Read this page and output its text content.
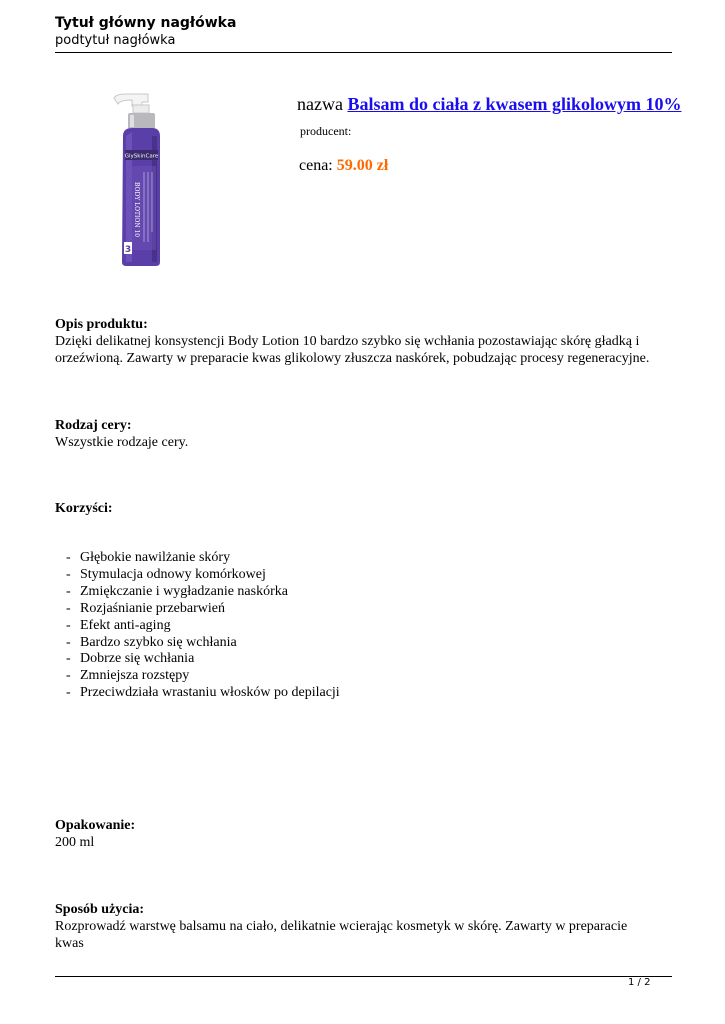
Tytuł główny nagłówka
podtytuł nagłówka
GlySkinCare
BODY LOTION 10
3
nazwa Balsam do ciała z kwasem glikolowym 10%
producent:
cena: 59.00 zł
Opis produktu:
Dzięki delikatnej konsystencji Body Lotion 10 bardzo szybko się wchłania pozostawiając skórę gładką i
orzeźwioną. Zawarty w preparacie kwas glikolowy złuszcza naskórek, pobudzając procesy regeneracyjne.
Rodzaj cery:
Wszystkie rodzaje cery.
Korzyści:
- Głębokie nawilżanie skóry
- Stymulacja odnowy komórkowej
- Zmiękczanie i wygładzanie naskórka
- Rozjaśnianie przebarwień
- Efekt anti-aging
- Bardzo szybko się wchłania
- Dobrze się wchłania
- Zmniejsza rozstępy
- Przeciwdziała wrastaniu włosków po depilacji
Opakowanie:
200 ml
Sposób użycia:
Rozprowadź warstwę balsamu na ciało, delikatnie wcierając kosmetyk w skórę. Zawarty w preparacie kwas
1 / 2
